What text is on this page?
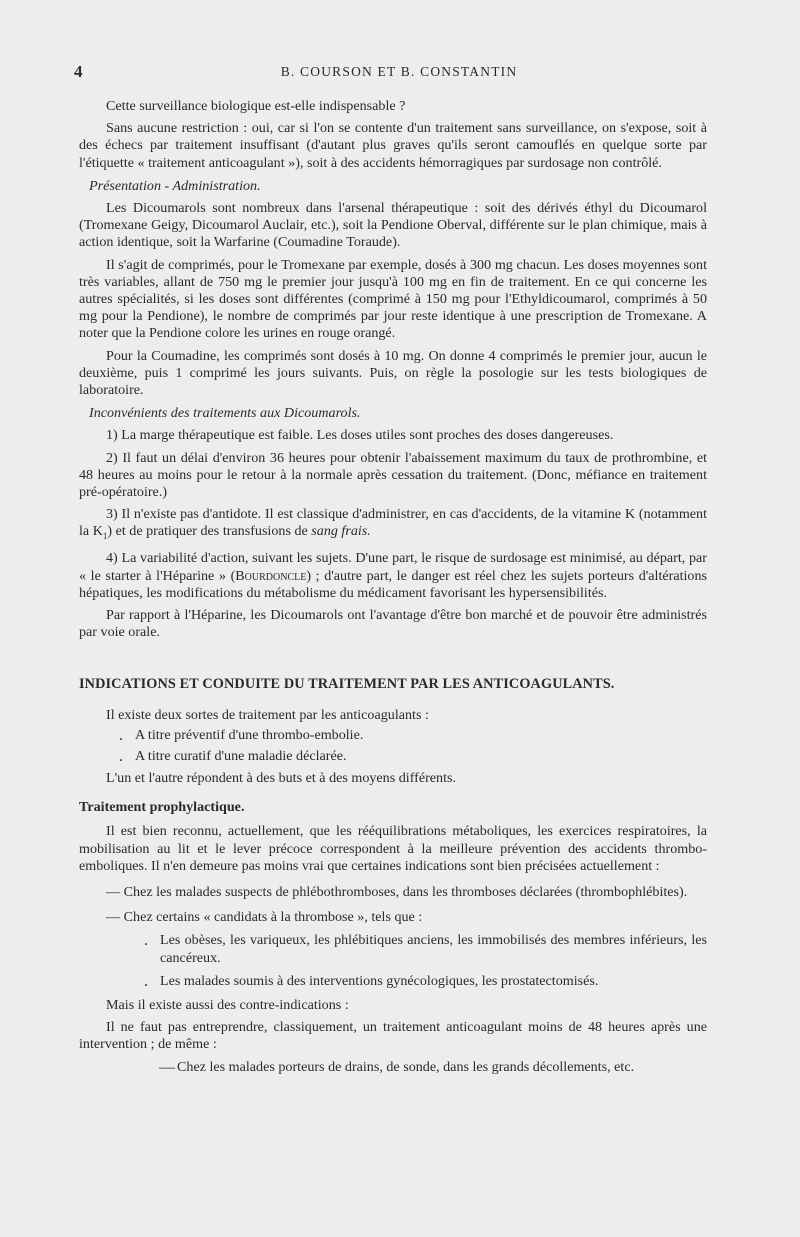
4	B. COURSON ET B. CONSTANTIN

Cette surveillance biologique est-elle indispensable ?

Sans aucune restriction : oui, car si l'on se contente d'un traitement sans surveillance, on s'expose, soit à des échecs par traitement insuffisant (d'autant plus graves qu'ils seront camouflés en quelque sorte par l'étiquette « traitement anticoagulant »), soit à des accidents hémorragiques par surdosage non contrôlé.

Présentation - Administration.

Les Dicoumarols sont nombreux dans l'arsenal thérapeutique : soit des dérivés éthyl du Dicoumarol (Tromexane Geigy, Dicoumarol Auclair, etc.), soit la Pendione Oberval, différente sur le plan chimique, mais à action identique, soit la Warfarine (Coumadine Toraude).

Il s'agit de comprimés, pour le Tromexane par exemple, dosés à 300 mg chacun. Les doses moyennes sont très variables, allant de 750 mg le premier jour jusqu'à 100 mg en fin de traitement. En ce qui concerne les autres spécialités, si les doses sont différentes (comprimé à 150 mg pour l'Ethyldicoumarol, comprimés à 50 mg pour la Pendione), le nombre de comprimés par jour reste identique à une prescription de Tromexane. A noter que la Pendione colore les urines en rouge orangé.

Pour la Coumadine, les comprimés sont dosés à 10 mg. On donne 4 comprimés le premier jour, aucun le deuxième, puis 1 comprimé les jours suivants. Puis, on règle la posologie sur les tests biologiques de laboratoire.

Inconvénients des traitements aux Dicoumarols.

1) La marge thérapeutique est faible. Les doses utiles sont proches des doses dangereuses.

2) Il faut un délai d'environ 36 heures pour obtenir l'abaissement maximum du taux de prothrombine, et 48 heures au moins pour le retour à la normale après cessation du traitement. (Donc, méfiance en traitement pré-opératoire.)

3) Il n'existe pas d'antidote. Il est classique d'administrer, en cas d'accidents, de la vitamine K (notamment la $K_1$) et de pratiquer des transfusions de sang frais.

4) La variabilité d'action, suivant les sujets. D'une part, le risque de surdosage est minimisé, au départ, par « le starter à l'Héparine » (Bourdoncle) ; d'autre part, le danger est réel chez les sujets porteurs d'altérations hépatiques, les modifications du métabolisme du médicament favorisant les hypersensibilités.

Par rapport à l'Héparine, les Dicoumarols ont l'avantage d'être bon marché et de pouvoir être administrés par voie orale.

INDICATIONS ET CONDUITE DU TRAITEMENT PAR LES ANTICOAGULANTS.

Il existe deux sortes de traitement par les anticoagulants :

. A titre préventif d'une thrombo-embolie.

. A titre curatif d'une maladie déclarée.

L'un et l'autre répondent à des buts et à des moyens différents.

Traitement prophylactique.

Il est bien reconnu, actuellement, que les rééquilibrations métaboliques, les exercices respiratoires, la mobilisation au lit et le lever précoce correspondent à la meilleure prévention des accidents thrombo-emboliques. Il n'en demeure pas moins vrai que certaines indications sont bien précisées actuellement :

— Chez les malades suspects de phlébothromboses, dans les thromboses déclarées (thrombophlébites).

— Chez certains « candidats à la thrombose », tels que :

. Les obèses, les variqueux, les phlébitiques anciens, les immobilisés des membres inférieurs, les cancéreux.

. Les malades soumis à des interventions gynécologiques, les prostatectomisés.

Mais il existe aussi des contre-indications :

Il ne faut pas entreprendre, classiquement, un traitement anticoagulant moins de 48 heures après une intervention ; de même :

— Chez les malades porteurs de drains, de sonde, dans les grands décollements, etc.
